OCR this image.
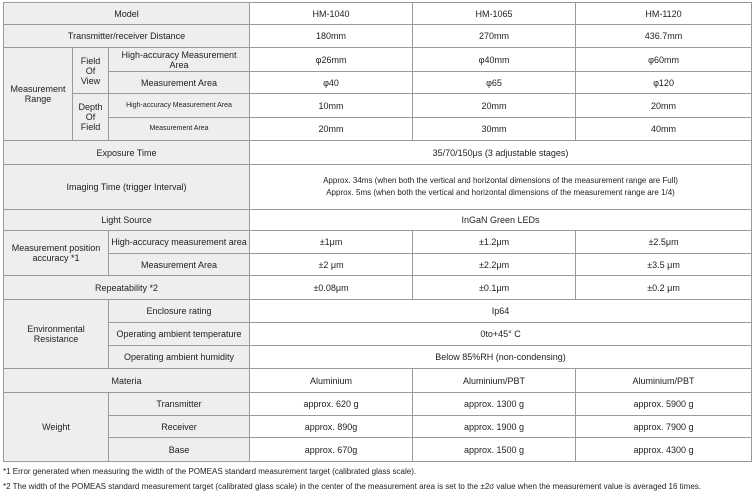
Model			HM-1040	HM-1065	HM-1120
Transmitter/receiver Distance			180mm	270mm	436.7mm
Measurement Range	Field Of View	High-accuracy Measurement Area	φ26mm	φ40mm	φ60mm
		Measurement Area	φ40	φ65	φ120
	Depth Of Field	High-accuracy Measurement Area	10mm	20mm	20mm
		Measurement Area	20mm	30mm	40mm
Exposure Time			35/70/150μs (3 adjustable stages)		
Imaging Time (trigger Interval)			Approx. 34ms (when both the vertical and horizontal dimensions of the measurement range are Full)
Approx. 5ms (when both the vertical and horizontal dimensions of the measurement range are 1/4)		

Light Source			InGaN Green LEDs		
Measurement position accuracy *1		High-accuracy measurement area	±1μm	±1.2μm	±2.5μm
		Measurement Area	±2 μm	±2.2μm	±3.5 μm
Repeatability *2			±0.08μm	±0.1μm	±0.2 μm
Environmental Resistance		Enclosure rating	Ip64		
		Operating ambient temperature	0to+45° C		
		Operating ambient humidity	Below 85%RH (non-condensing)		
Materia			Aluminium	Aluminium/PBT	Aluminium/PBT
Weight		Transmitter	approx. 620 g	approx. 1300 g	approx. 5900 g
		Receiver	approx. 890g	approx. 1900 g	approx. 7900 g
		Base	approx. 670g	approx. 1500 g	approx. 4300 g
*1 Error generated when measuring the width of the POMEAS standard measurement target (calibrated glass scale).
*2 The width of the POMEAS standard measurement target (calibrated glass scale) in the center of the measurement area is set to the ±2σ value when the measurement value is averaged 16 times.
